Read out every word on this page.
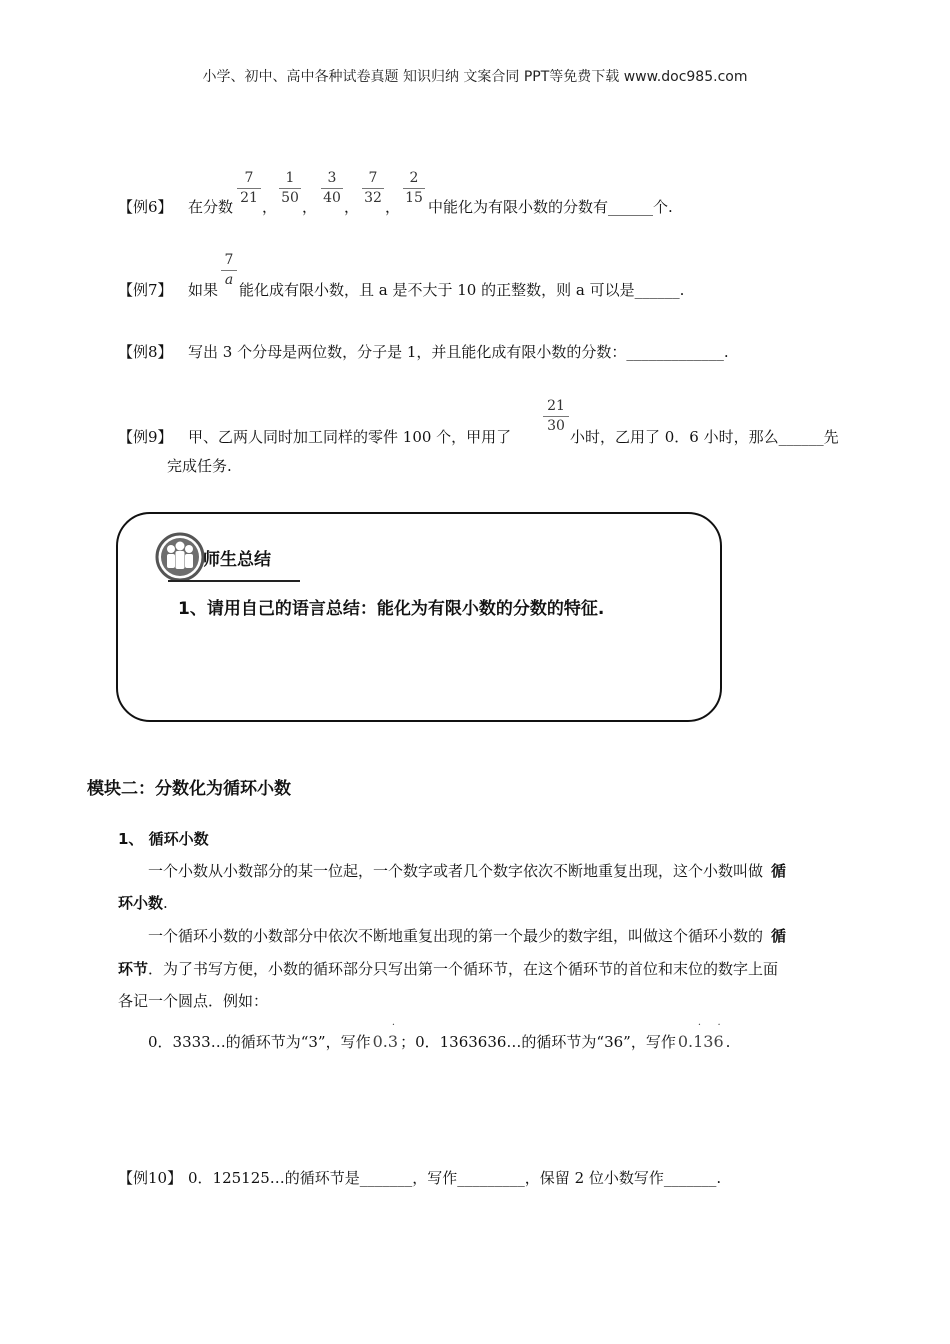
小学、初中、高中各种试卷真题 知识归纳 文案合同 PPT等免费下载 www.doc985.com
【例6】 在分数
7
21 ，
1
50 ，
3
40 ，
7
32 ，
2
15 中能化为有限小数的分数有______个.
【例7】 如果
7
a
能化成有限小数，且 a 是不大于 10 的正整数，则 a 可以是______.
【例8】 写出 3 个分母是两位数，分子是 1，并且能化成有限小数的分数：_____________.
【例9】 甲、乙两人同时加工同样的零件 100 个，甲用了
21
30
小时，乙用了 0．6 小时，那么______先
完成任务.
师生总结
1、请用自己的语言总结：能化为有限小数的分数的特征.
模块二：分数化为循环小数
1、 循环小数
一个小数从小数部分的某一位起，一个数字或者几个数字依次不断地重复出现，这个小数叫做 循
环小数.
一个循环小数的小数部分中依次不断地重复出现的第一个最少的数字组，叫做这个循环小数的 循
环节．为了书写方便，小数的循环部分只写出第一个循环节，在这个循环节的首位和末位的数字上面
各记一个圆点．例如：
0．3333…的循环节为“3”，写作 0.3
·
；0．1363636…的循环节为“36”，写作 0.136
· ·
.
【例10】 0．125125…的循环节是_______，写作_________，保留 2 位小数写作_______.
